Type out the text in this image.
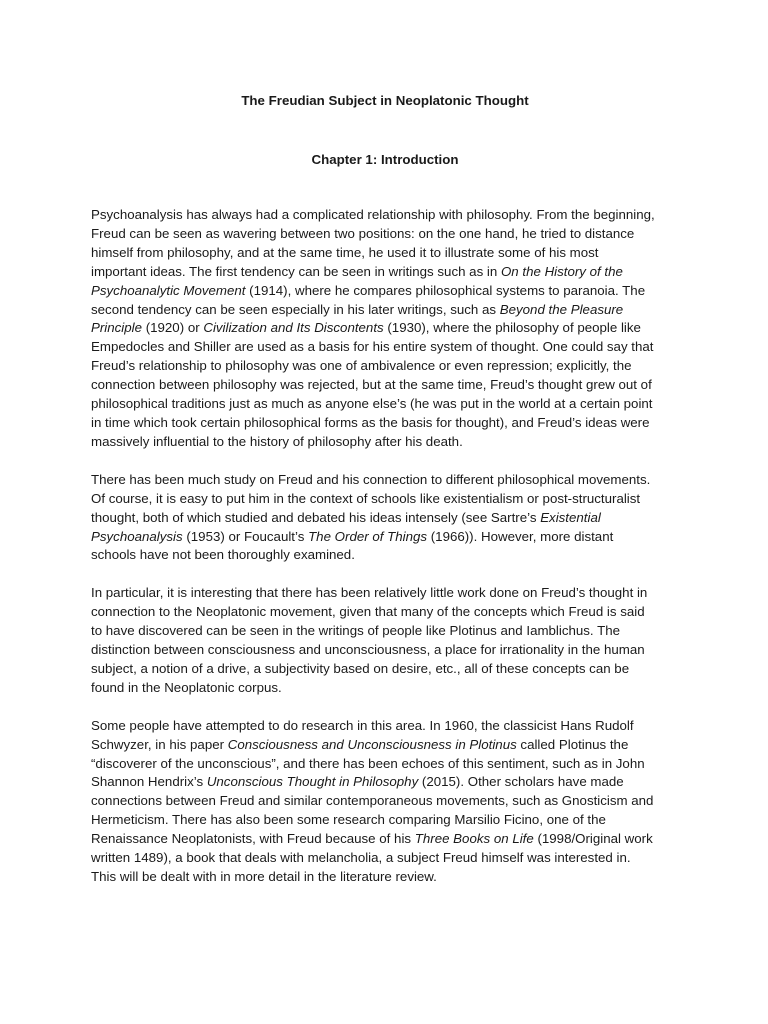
The Freudian Subject in Neoplatonic Thought

Chapter 1: Introduction

Psychoanalysis has always had a complicated relationship with philosophy. From the beginning,
Freud can be seen as wavering between two positions: on the one hand, he tried to distance
himself from philosophy, and at the same time, he used it to illustrate some of his most
important ideas. The first tendency can be seen in writings such as in On the History of the
Psychoanalytic Movement (1914), where he compares philosophical systems to paranoia. The
second tendency can be seen especially in his later writings, such as Beyond the Pleasure
Principle (1920) or Civilization and Its Discontents (1930), where the philosophy of people like
Empedocles and Shiller are used as a basis for his entire system of thought. One could say that
Freud’s relationship to philosophy was one of ambivalence or even repression; explicitly, the
connection between philosophy was rejected, but at the same time, Freud’s thought grew out of
philosophical traditions just as much as anyone else’s (he was put in the world at a certain point
in time which took certain philosophical forms as the basis for thought), and Freud’s ideas were
massively influential to the history of philosophy after his death.

There has been much study on Freud and his connection to different philosophical movements.
Of course, it is easy to put him in the context of schools like existentialism or post-structuralist
thought, both of which studied and debated his ideas intensely (see Sartre’s Existential
Psychoanalysis (1953) or Foucault’s The Order of Things (1966)). However, more distant
schools have not been thoroughly examined.

In particular, it is interesting that there has been relatively little work done on Freud’s thought in
connection to the Neoplatonic movement, given that many of the concepts which Freud is said
to have discovered can be seen in the writings of people like Plotinus and Iamblichus. The
distinction between consciousness and unconsciousness, a place for irrationality in the human
subject, a notion of a drive, a subjectivity based on desire, etc., all of these concepts can be
found in the Neoplatonic corpus.

Some people have attempted to do research in this area. In 1960, the classicist Hans Rudolf
Schwyzer, in his paper Consciousness and Unconsciousness in Plotinus called Plotinus the
“discoverer of the unconscious”, and there has been echoes of this sentiment, such as in John
Shannon Hendrix’s Unconscious Thought in Philosophy (2015). Other scholars have made
connections between Freud and similar contemporaneous movements, such as Gnosticism and
Hermeticism. There has also been some research comparing Marsilio Ficino, one of the
Renaissance Neoplatonists, with Freud because of his Three Books on Life (1998/Original work
written 1489), a book that deals with melancholia, a subject Freud himself was interested in.
This will be dealt with in more detail in the literature review.
